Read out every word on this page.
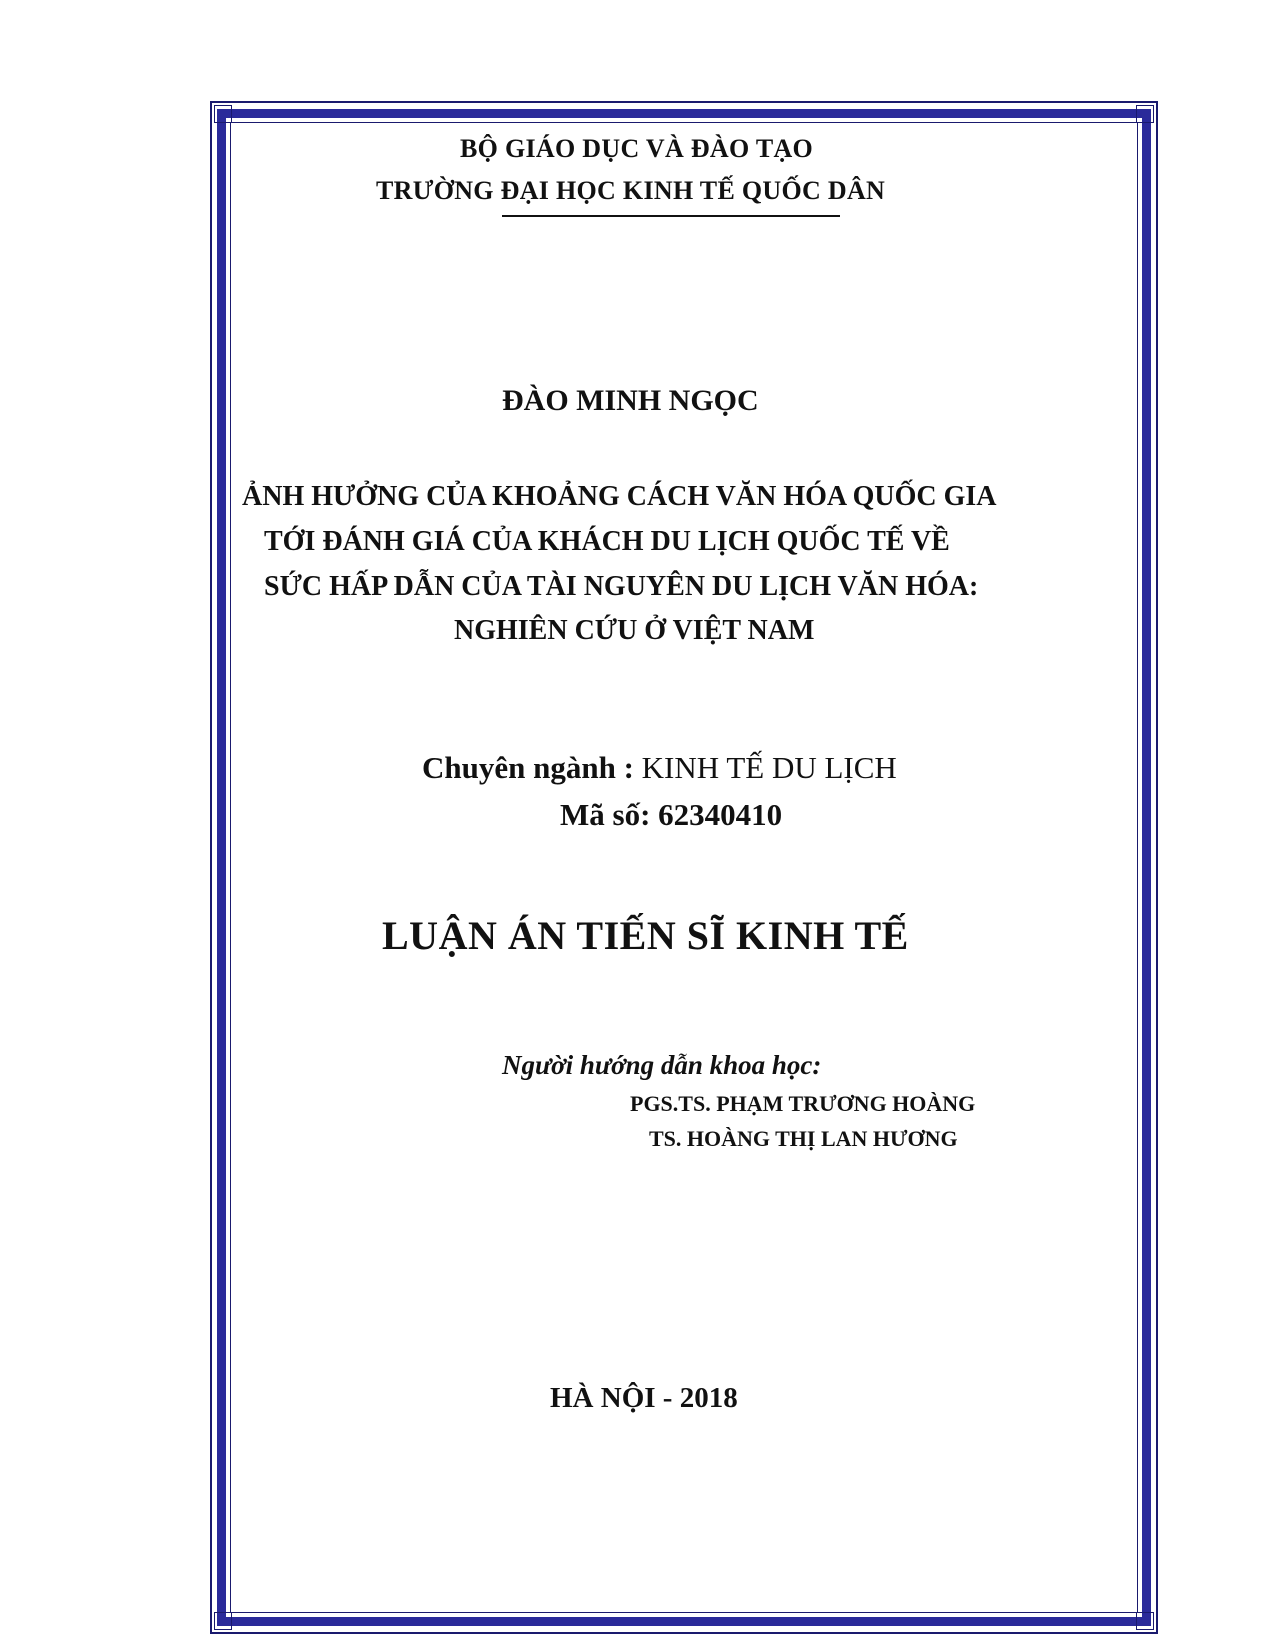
BỘ GIÁO DỤC VÀ ĐÀO TẠO
TRƯỜNG ĐẠI HỌC KINH TẾ QUỐC DÂN
ĐÀO MINH NGỌC
ẢNH HƯỞNG CỦA KHOẢNG CÁCH VĂN HÓA QUỐC GIA
TỚI ĐÁNH GIÁ CỦA KHÁCH DU LỊCH QUỐC TẾ VỀ
SỨC HẤP DẪN CỦA TÀI NGUYÊN DU LỊCH VĂN HÓA:
NGHIÊN CỨU Ở VIỆT NAM
Chuyên ngành : KINH TẾ DU LỊCH
Mã số: 62340410
LUẬN ÁN TIẾN SĨ KINH TẾ
Người hướng dẫn khoa học:
PGS.TS. PHẠM TRƯƠNG HOÀNG
TS. HOÀNG THỊ LAN HƯƠNG
HÀ NỘI - 2018
